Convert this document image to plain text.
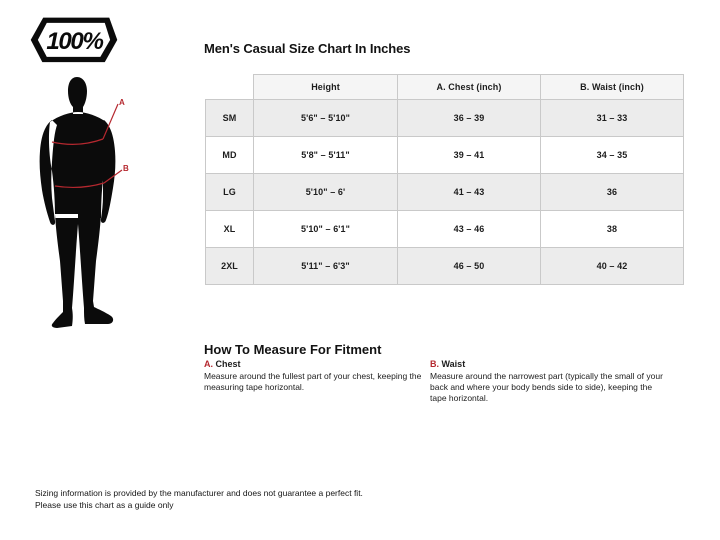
100%
A
B
Men's Casual Size Chart In Inches
	Height	A. Chest (inch)	B. Waist (inch)
SM	5'6" – 5'10"	36 – 39	31 – 33
MD	5'8" – 5'11"	39 – 41	34 – 35
LG	5'10" – 6'	41 – 43	36
XL	5'10" – 6'1"	43 – 46	38
2XL	5'11" – 6'3"	46 – 50	40 – 42
How To Measure For Fitment
A. Chest

Measure around the fullest part of your chest, keeping the measuring tape horizontal.

B. Waist

Measure around the narrowest part (typically the small of your back and where your body bends side to side), keeping the tape horizontal.

Sizing information is provided by the manufacturer and does not guarantee a perfect fit.
Please use this chart as a guide only
